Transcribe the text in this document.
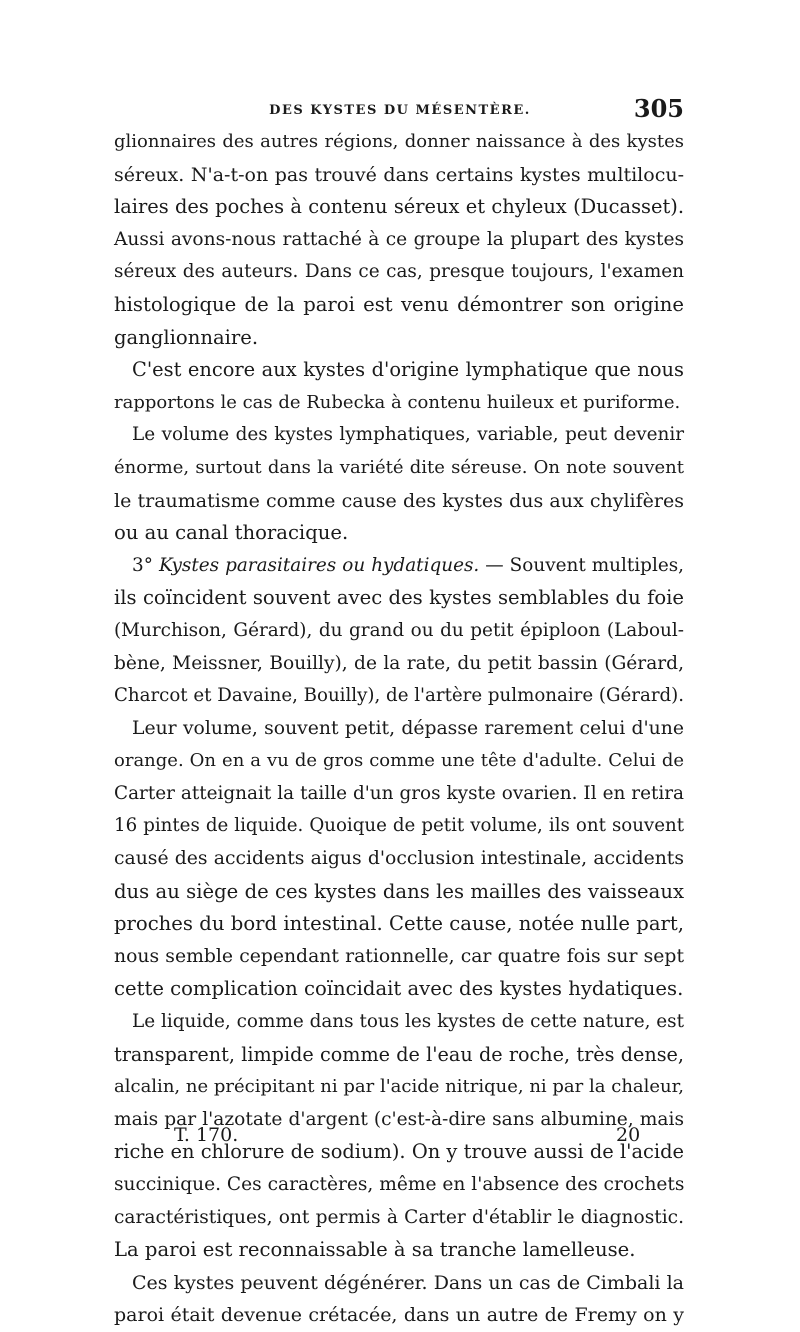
DES KYSTES DU MÉSENTÈRE.	305
glionnaires des autres régions, donner naissance à des kystes
séreux. N'a-t-on pas trouvé dans certains kystes multilocu-
laires des poches à contenu séreux et chyleux (Ducasset).
Aussi avons-nous rattaché à ce groupe la plupart des kystes
séreux des auteurs. Dans ce cas, presque toujours, l'examen
histologique de la paroi est venu démontrer son origine
ganglionnaire.
C'est encore aux kystes d'origine lymphatique que nous
rapportons le cas de Rubecka à contenu huileux et puriforme.
Le volume des kystes lymphatiques, variable, peut devenir
énorme, surtout dans la variété dite séreuse. On note souvent
le traumatisme comme cause des kystes dus aux chylifères
ou au canal thoracique.
3° Kystes parasitaires ou hydatiques. — Souvent multiples,
ils coïncident souvent avec des kystes semblables du foie
(Murchison, Gérard), du grand ou du petit épiploon (Laboul-
bène, Meissner, Bouilly), de la rate, du petit bassin (Gérard,
Charcot et Davaine, Bouilly), de l'artère pulmonaire (Gérard).
Leur volume, souvent petit, dépasse rarement celui d'une
orange. On en a vu de gros comme une tête d'adulte. Celui de
Carter atteignait la taille d'un gros kyste ovarien. Il en retira
16 pintes de liquide. Quoique de petit volume, ils ont souvent
causé des accidents aigus d'occlusion intestinale, accidents
dus au siège de ces kystes dans les mailles des vaisseaux
proches du bord intestinal. Cette cause, notée nulle part,
nous semble cependant rationnelle, car quatre fois sur sept
cette complication coïncidait avec des kystes hydatiques.
Le liquide, comme dans tous les kystes de cette nature, est
transparent, limpide comme de l'eau de roche, très dense,
alcalin, ne précipitant ni par l'acide nitrique, ni par la chaleur,
mais par l'azotate d'argent (c'est-à-dire sans albumine, mais
riche en chlorure de sodium). On y trouve aussi de l'acide
succinique. Ces caractères, même en l'absence des crochets
caractéristiques, ont permis à Carter d'établir le diagnostic.
La paroi est reconnaissable à sa tranche lamelleuse.
Ces kystes peuvent dégénérer. Dans un cas de Cimbali la
paroi était devenue crétacée, dans un autre de Fremy on y
T. 170.	20
